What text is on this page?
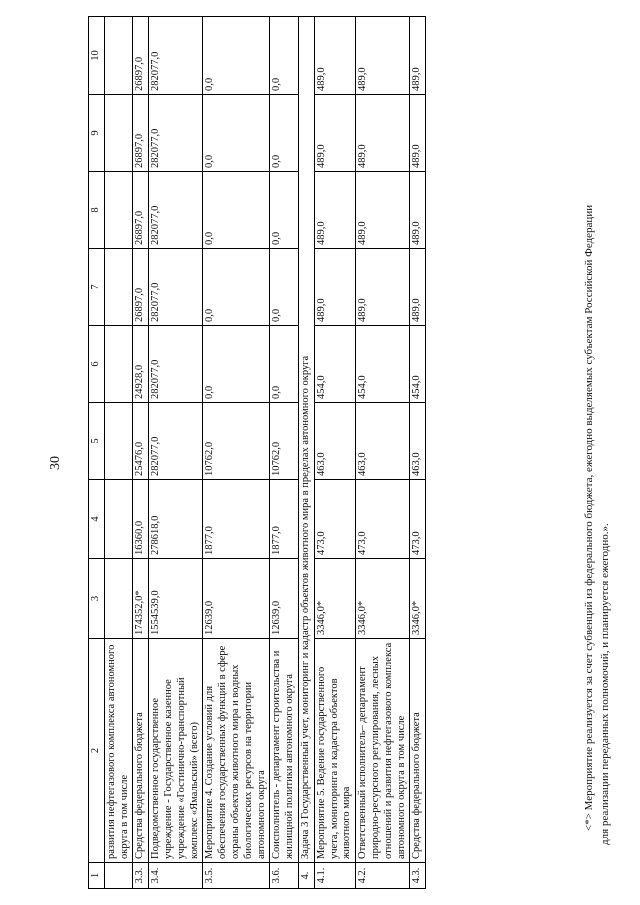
30
1	2	3	4	5	6	7	8	9	10
	развития нефтегазового комплекса автономного округа в том числе								
3.3.	Средства федерального бюджета	174352,0*	16360,0	25476,0	24928,0	26897,0	26897,0	26897,0	26897,0
3.4.	Подведомственное государственное учреждение - Государственное казенное учреждение «Гостинично-транспортный комплекс «Ямальский» (всего)	1554539,0	278618,0	282077,0	282077,0	282077,0	282077,0	282077,0	282077,0
3.5.	Мероприятие 4. Создание условий для обеспечения государственных функций в сфере охраны объектов животного мира и водных биологических ресурсов на территории автономного округа	12639,0	1877,0	10762,0	0,0	0,0	0,0	0,0	0,0
3.6.	Соисполнитель - департамент строительства и жилищной политики автономного округа	12639,0	1877,0	10762,0	0,0	0,0	0,0	0,0	0,0
4.	Задача 3 Государственный учет, мониторинг и кадастр объектов животного мира в пределах автономного округа								
4.1.	Мероприятие 5. Ведение государственного учета, мониторинга и кадастра объектов животного мира	3346,0*	473,0	463,0	454,0	489,0	489,0	489,0	489,0
4.2.	Ответственный исполнитель– департамент природно-ресурсного регулирования, лесных отношений и развития нефтегазового комплекса автономного округа в том числе	3346,0*	473,0	463,0	454,0	489,0	489,0	489,0	489,0
4.3.	Средства федерального бюджета	3346,0*	473,0	463,0	454,0	489,0	489,0	489,0	489,0
<*> Мероприятие реализуется за счет субвенций из федерального бюджета, ежегодно выделяемых субъектам Российской Федерации для реализации переданных полномочий, и планируется ежегодно.».
